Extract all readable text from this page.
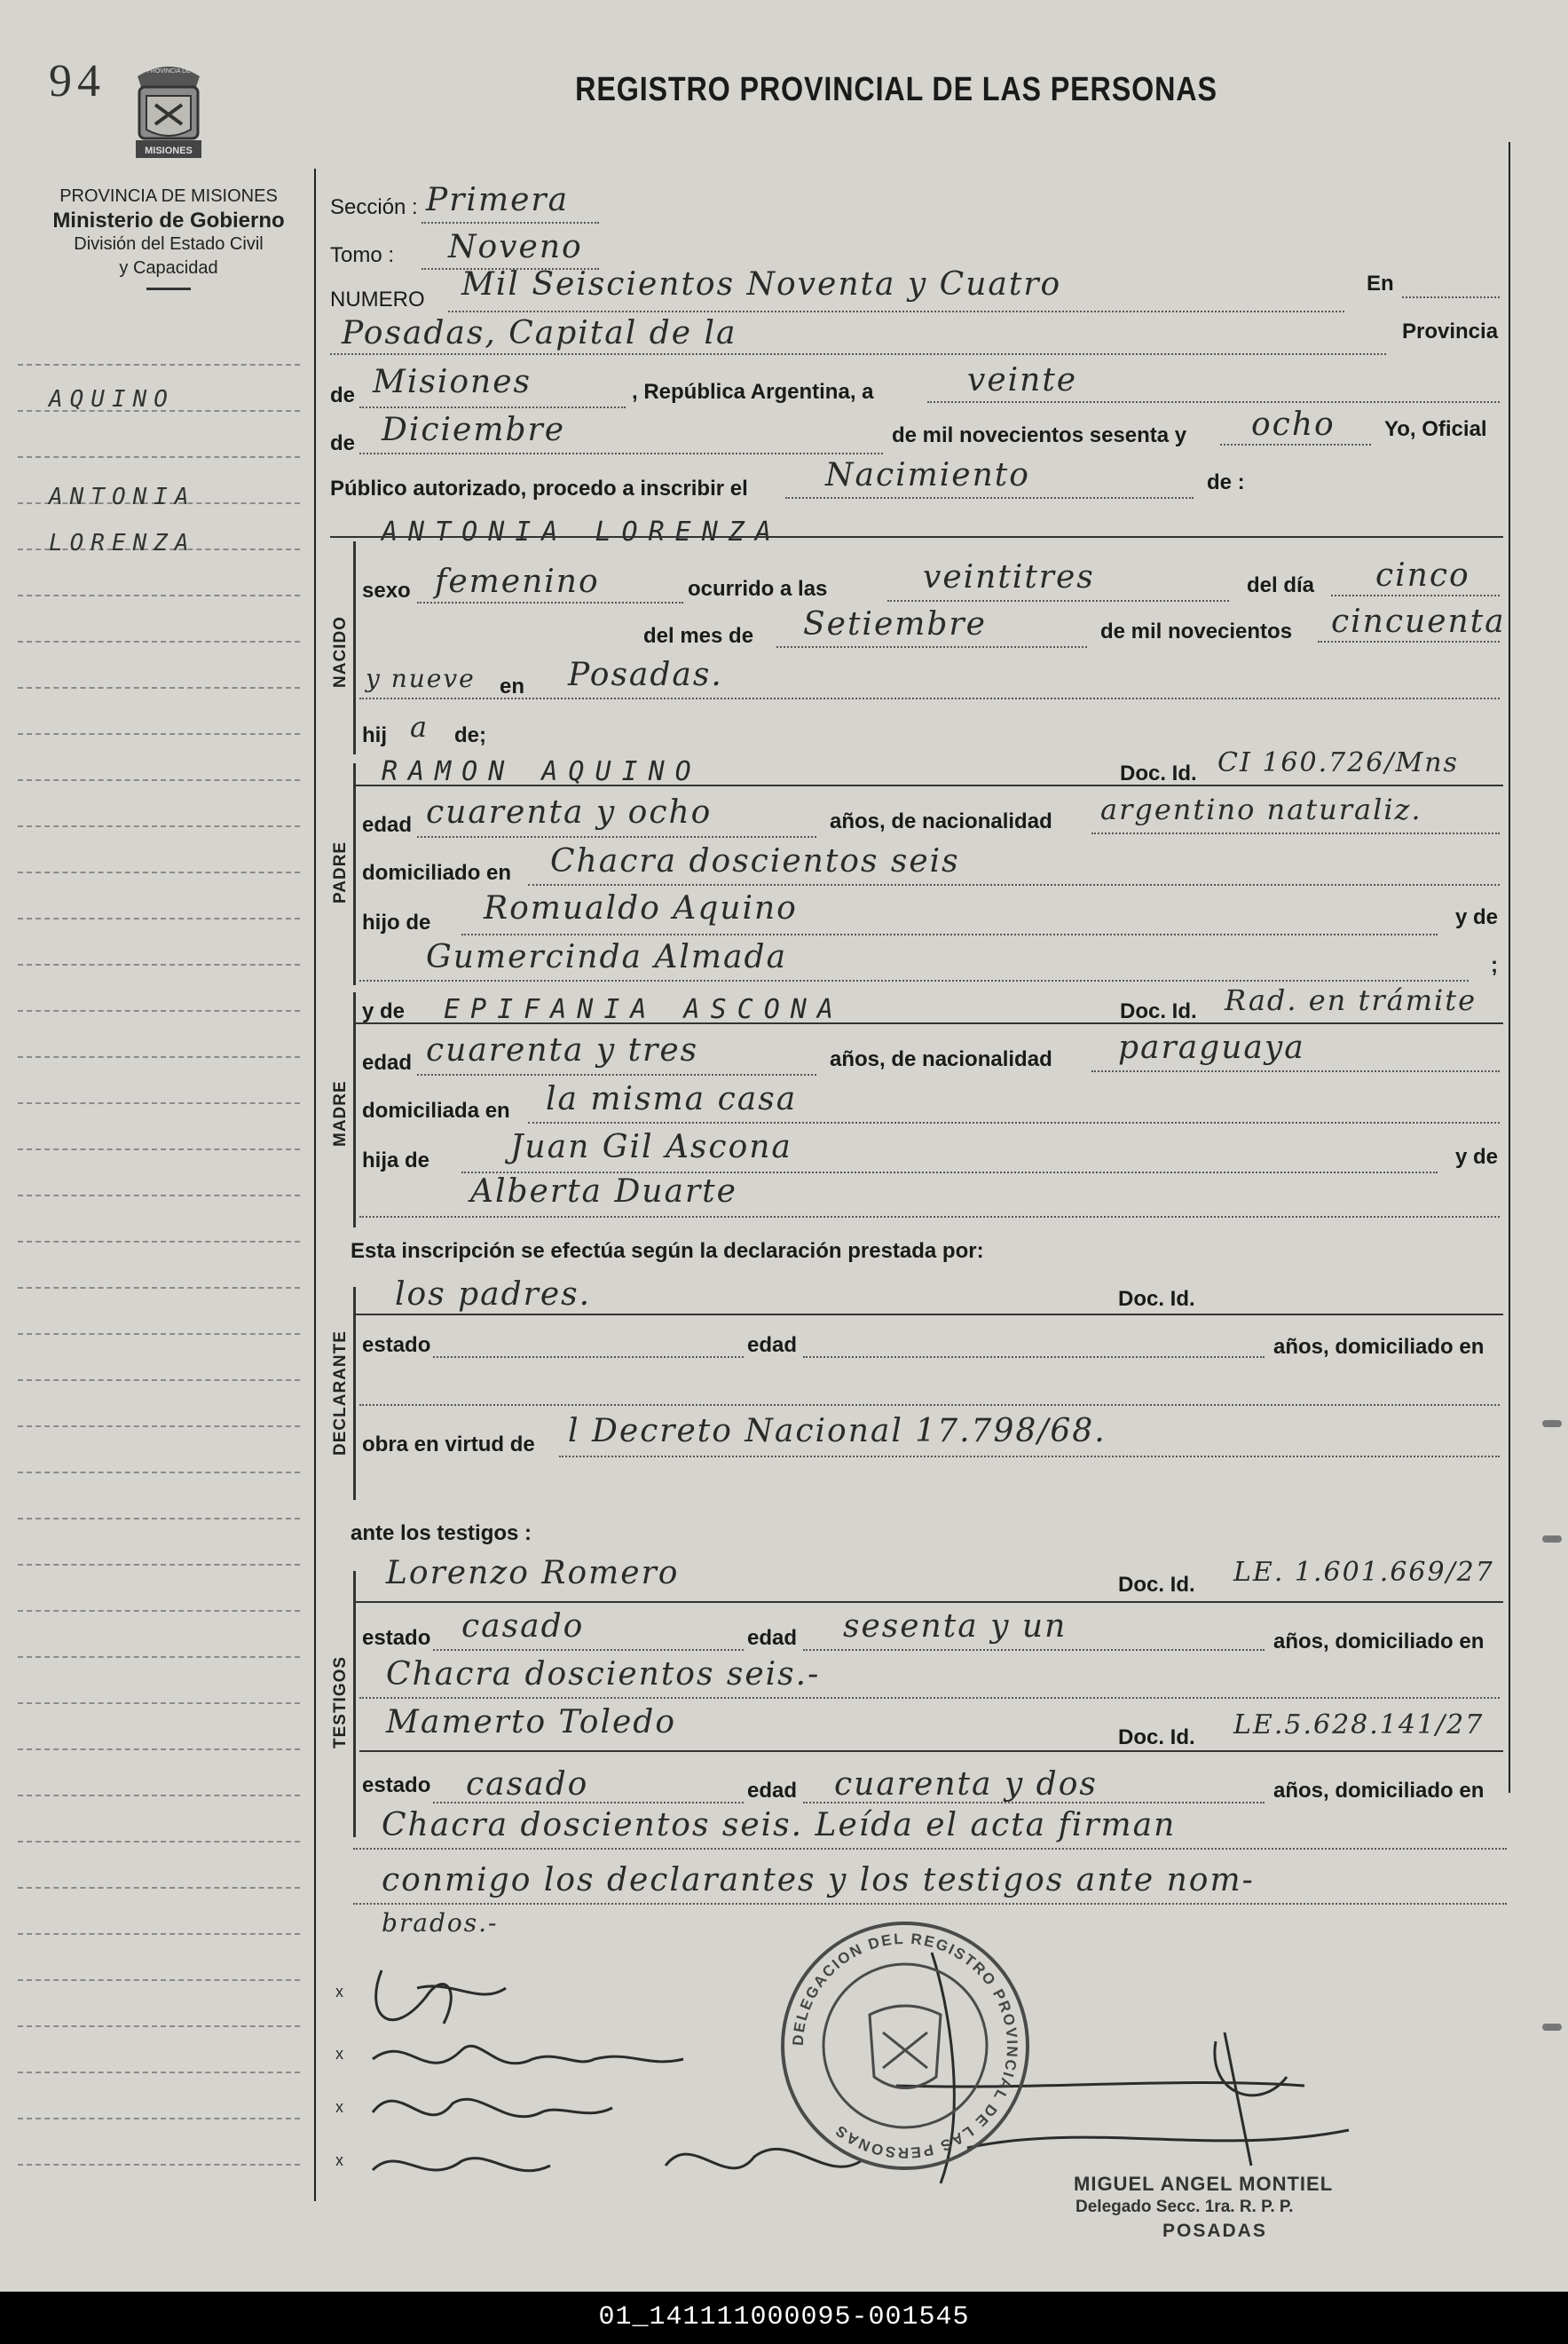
94
MISIONES
PROVINCIA DE
PROVINCIA DE MISIONES
Ministerio de Gobierno
División del Estado Civil
y Capacidad
REGISTRO PROVINCIAL DE LAS PERSONAS
AQUINO
ANTONIA
LORENZA
Sección : Primera
Tomo : Noveno
NUMERO Mil Seiscientos Noventa y Cuatro	En
Posadas, Capital de la	Provincia
de Misiones	, República Argentina, a	veinte
de Diciembre	de mil novecientos sesenta y ocho Yo, Oficial
Público autorizado, procedo a inscribir el Nacimiento	de :
ANTONIA LORENZA
NACIDO
sexo femenino	ocurrido a las	veintitres	del día cinco
del mes de Setiembre	de mil novecientos cincuenta
y nueve en Posadas.
hij a de;
RAMON AQUINO	Doc. Id. CI 160.726/Mns
PADRE
edad cuarenta y ocho	años, de nacionalidad argentino naturaliz.
domiciliado en Chacra doscientos seis
hijo de Romualdo Aquino	y de
Gumercinda Almada	;
y de EPIFANIA ASCONA	Doc. Id. Rad. en trámite
MADRE
edad cuarenta y tres	años, de nacionalidad paraguaya
domiciliada en la misma casa
hija de	Juan Gil Ascona	y de
Alberta Duarte
Esta inscripción se efectúa según la declaración prestada por:
los padres.	Doc. Id.
DECLARANTE estado	edad	años, domiciliado en
obra en virtud de l Decreto Nacional 17.798/68.
ante los testigos :
Lorenzo Romero	Doc. Id. LE. 1.601.669/27
TESTIGOS
estado casado	edad sesenta y un	años, domiciliado en
Chacra doscientos seis.-
Mamerto Toledo	Doc. Id. LE.5.628.141/27
estado casado	edad cuarenta y dos	años, domiciliado en
Chacra doscientos seis. Leída el acta firman
conmigo los declarantes y los testigos ante nom-
brados.-
x
x
x
x
DELEGACION DEL REGISTRO PROVINCIAL DE LAS PERSONAS
MIGUEL ANGEL MONTIEL
Delegado Secc. 1ra. R. P. P.
POSADAS
01_141111000095-001545
